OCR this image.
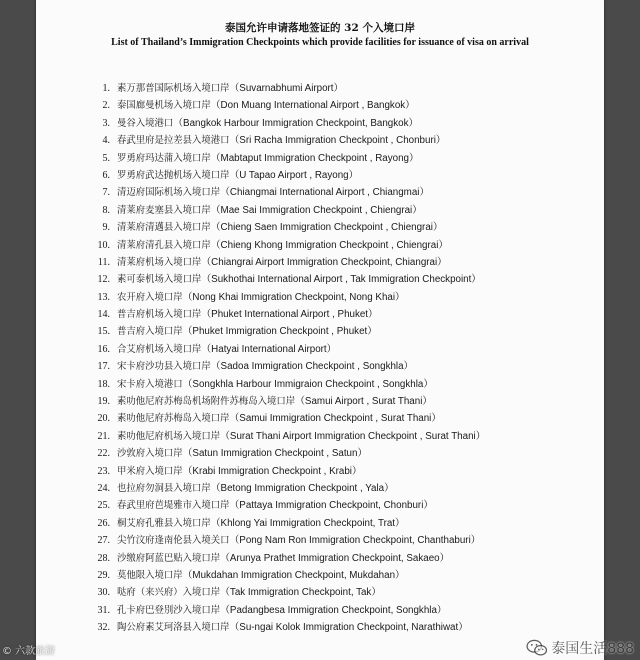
泰国允许申请落地签证的 32 个入境口岸
List of Thailand’s Immigration Checkpoints which provide facilities for issuance of visa on arrival
1 . 素万那普国际机场入境口岸（Suvarnabhumi Airport）
2 . 泰国廊曼机场入境口岸（Don Muang International Airport , Bangkok）
3 . 曼谷入境港口（Bangkok Harbour Immigration Checkpoint, Bangkok）
4 . 春武里府是拉差县入境港口（Sri Racha Immigration Checkpoint , Chonburi）
5 . 罗勇府玛达蒲入境口岸（Mabtaput Immigration Checkpoint , Rayong）
6 . 罗勇府武达抛机场入境口岸（U Tapao Airport , Rayong）
7 . 清迈府国际机场入境口岸（Chiangmai International Airport , Chiangmai）
8 . 清莱府麦塞县入境口岸（Mae Sai Immigration Checkpoint , Chiengrai）
9 . 清莱府清邁县入境口岸（Chieng Saen Immigration Checkpoint , Chiengrai）
10 . 清莱府清孔县入境口岸（Chieng Khong Immigration Checkpoint , Chiengrai）
11 . 清莱府机场入境口岸（Chiangrai Airport Immigration Checkpoint, Chiangrai）
12 . 素可泰机场入境口岸（Sukhothai International Airport , Tak Immigration Checkpoint）
13 . 农开府入境口岸（Nong Khai Immigration Checkpoint, Nong Khai）
14 . 普吉府机场入境口岸（Phuket International Airport , Phuket）
15 . 普吉府入境口岸（Phuket Immigration Checkpoint , Phuket）
16 . 合艾府机场入境口岸（Hatyai International Airport）
17 . 宋卡府沙功县入境口岸（Sadoa Immigration Checkpoint , Songkhla）
18 . 宋卡府入境港口（Songkhla Harbour Immigraion Checkpoint , Songkhla）
19 . 素叻他尼府苏梅岛机场附件苏梅岛入境口岸（Samui Airport , Surat Thani）
20 . 素叻他尼府苏梅岛入境口岸（Samui Immigration Checkpoint , Surat Thani）
21 . 素叻他尼府机场入境口岸（Surat Thani Airport Immigration Checkpoint , Surat Thani）
22 . 沙敦府入境口岸（Satun Immigration Checkpoint , Satun）
23 . 甲米府入境口岸（Krabi Immigration Checkpoint , Krabi）
24 . 也拉府勿洞县入境口岸（Betong Immigration Checkpoint , Yala）
25 . 春武里府芭堤雅市入境口岸（Pattaya Immigration Checkpoint, Chonburi）
26 . 桐艾府孔雅县入境口岸（Khlong Yai Immigration Checkpoint, Trat）
27 . 尖竹汶府逢南伦县入境关口（Pong Nam Ron Immigration Checkpoint, Chanthaburi）
28 . 沙缴府阿蓝巴贴入境口岸（Arunya Prathet Immigration Checkpoint, Sakaeo）
29 . 莫他限入境口岸（Mukdahan Immigration Checkpoint, Mukdahan）
30 . 哒府（来兴府）入境口岸（Tak Immigration Checkpoint, Tak）
31 . 孔卡府巴登別沙入境口岸（Padangbesa Immigration Checkpoint, Songkhla）
32 . 陶公府素艾珂洛县入境口岸（Su-ngai Kolok Immigration Checkpoint, Narathiwat）
© 六款旅游	泰国生活888
